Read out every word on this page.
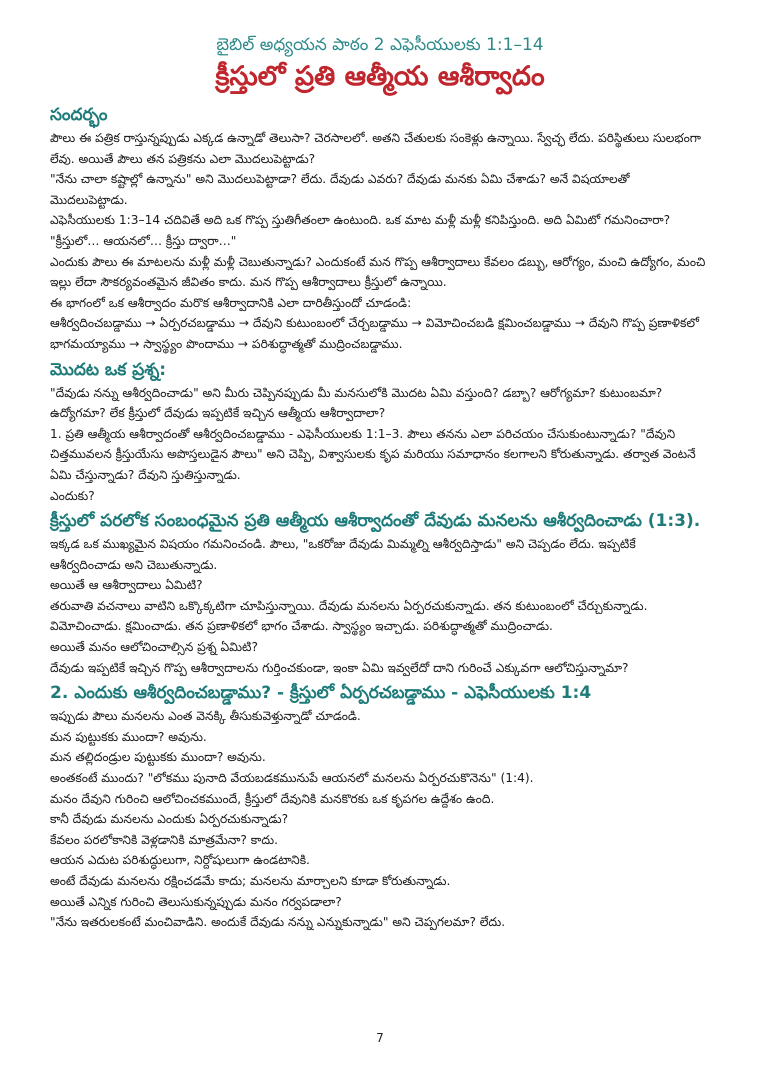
బైబిల్ అధ్యయన పాఠం 2 ఎఫెసీయులకు 1:1–14
క్రీస్తులో ప్రతి ఆత్మీయ ఆశీర్వాదం
సందర్భం

పౌలు ఈ పత్రిక రాస్తున్నప్పుడు ఎక్కడ ఉన్నాడో తెలుసా? చెరసాలలో. అతని చేతులకు సంకెళ్లు ఉన్నాయి. స్వేచ్ఛ లేదు. పరిస్థితులు సులభంగా లేవు. అయితే పౌలు తన పత్రికను ఎలా మొదలుపెట్టాడు?

"నేను చాలా కష్టాల్లో ఉన్నాను" అని మొదలుపెట్టాడా? లేదు. దేవుడు ఎవరు? దేవుడు మనకు ఏమి చేశాడు? అనే విషయాలతో మొదలుపెట్టాడు.

ఎఫెసీయులకు 1:3–14 చదివితే అది ఒక గొప్ప స్తుతిగీతంలా ఉంటుంది. ఒక మాట మళ్లీ మళ్లీ కనిపిస్తుంది. అది ఏమిటో గమనించారా?

"క్రీస్తులో… ఆయనలో… క్రీస్తు ద్వారా…"

ఎందుకు పౌలు ఈ మాటలను మళ్లీ మళ్లీ చెబుతున్నాడు? ఎందుకంటే మన గొప్ప ఆశీర్వాదాలు కేవలం డబ్బు, ఆరోగ్యం, మంచి ఉద్యోగం, మంచి ఇల్లు లేదా సౌకర్యవంతమైన జీవితం కాదు. మన గొప్ప ఆశీర్వాదాలు క్రీస్తులో ఉన్నాయి.

ఈ భాగంలో ఒక ఆశీర్వాదం మరొక ఆశీర్వాదానికి ఎలా దారితీస్తుందో చూడండి:

ఆశీర్వదించబడ్డాము → ఏర్పరచబడ్డాము → దేవుని కుటుంబంలో చేర్చబడ్డాము → విమోచించబడి క్షమించబడ్డాము → దేవుని గొప్ప ప్రణాళికలో భాగమయ్యాము → స్వాస్థ్యం పొందాము → పరిశుద్ధాత్మతో ముద్రించబడ్డాము.

మొదట ఒక ప్రశ్న:

"దేవుడు నన్ను ఆశీర్వదించాడు" అని మీరు చెప్పినప్పుడు మీ మనసులోకి మొదట ఏమి వస్తుంది? డబ్బా? ఆరోగ్యమా? కుటుంబమా? ఉద్యోగమా? లేక క్రీస్తులో దేవుడు ఇప్పటికే ఇచ్చిన ఆత్మీయ ఆశీర్వాదాలా?

1. ప్రతి ఆత్మీయ ఆశీర్వాదంతో ఆశీర్వదించబడ్డాము - ఎఫెసీయులకు 1:1–3. పౌలు తనను ఎలా పరిచయం చేసుకుంటున్నాడు? "దేవుని చిత్తమువలన క్రీస్తుయేసు అపొస్తలుడైన పౌలు" అని చెప్పి, విశ్వాసులకు కృప మరియు సమాధానం కలగాలని కోరుతున్నాడు. తర్వాత వెంటనే ఏమి చేస్తున్నాడు? దేవుని స్తుతిస్తున్నాడు.

ఎందుకు?

క్రీస్తులో పరలోక సంబంధమైన ప్రతి ఆత్మీయ ఆశీర్వాదంతో దేవుడు మనలను ఆశీర్వదించాడు (1:3).

ఇక్కడ ఒక ముఖ్యమైన విషయం గమనించండి. పౌలు, "ఒకరోజు దేవుడు మిమ్మల్ని ఆశీర్వదిస్తాడు" అని చెప్పడం లేదు. ఇప్పటికే ఆశీర్వదించాడు అని చెబుతున్నాడు.

అయితే ఆ ఆశీర్వాదాలు ఏమిటి?

తరువాతి వచనాలు వాటిని ఒక్కొక్కటిగా చూపిస్తున్నాయి. దేవుడు మనలను ఏర్పరచుకున్నాడు. తన కుటుంబంలో చేర్చుకున్నాడు. విమోచించాడు. క్షమించాడు. తన ప్రణాళికలో భాగం చేశాడు. స్వాస్థ్యం ఇచ్చాడు. పరిశుద్ధాత్మతో ముద్రించాడు.

అయితే మనం ఆలోచించాల్సిన ప్రశ్న ఏమిటి?

దేవుడు ఇప్పటికే ఇచ్చిన గొప్ప ఆశీర్వాదాలను గుర్తించకుండా, ఇంకా ఏమి ఇవ్వలేదో దాని గురించే ఎక్కువగా ఆలోచిస్తున్నామా?

2. ఎందుకు ఆశీర్వదించబడ్డాము? - క్రీస్తులో ఏర్పరచబడ్డాము - ఎఫెసీయులకు 1:4

ఇప్పుడు పౌలు మనలను ఎంత వెనక్కి తీసుకువెళ్తున్నాడో చూడండి.

మన పుట్టుకకు ముందా? అవును.

మన తల్లిదండ్రుల పుట్టుకకు ముందా? అవును.

అంతకంటే ముందు? "లోకము పునాది వేయబడకమునుపే ఆయనలో మనలను ఏర్పరచుకొనెను" (1:4).

మనం దేవుని గురించి ఆలోచించకముందే, క్రీస్తులో దేవునికి మనకొరకు ఒక కృపగల ఉద్దేశం ఉంది.

కానీ దేవుడు మనలను ఎందుకు ఏర్పరచుకున్నాడు?

కేవలం పరలోకానికి వెళ్లడానికి మాత్రమేనా? కాదు.

ఆయన ఎదుట పరిశుద్ధులుగా, నిర్దోషులుగా ఉండటానికి.

అంటే దేవుడు మనలను రక్షించడమే కాదు; మనలను మార్చాలని కూడా కోరుతున్నాడు.

అయితే ఎన్నిక గురించి తెలుసుకున్నప్పుడు మనం గర్వపడాలా?

"నేను ఇతరులకంటే మంచివాడిని. అందుకే దేవుడు నన్ను ఎన్నుకున్నాడు" అని చెప్పగలమా? లేదు.

7
